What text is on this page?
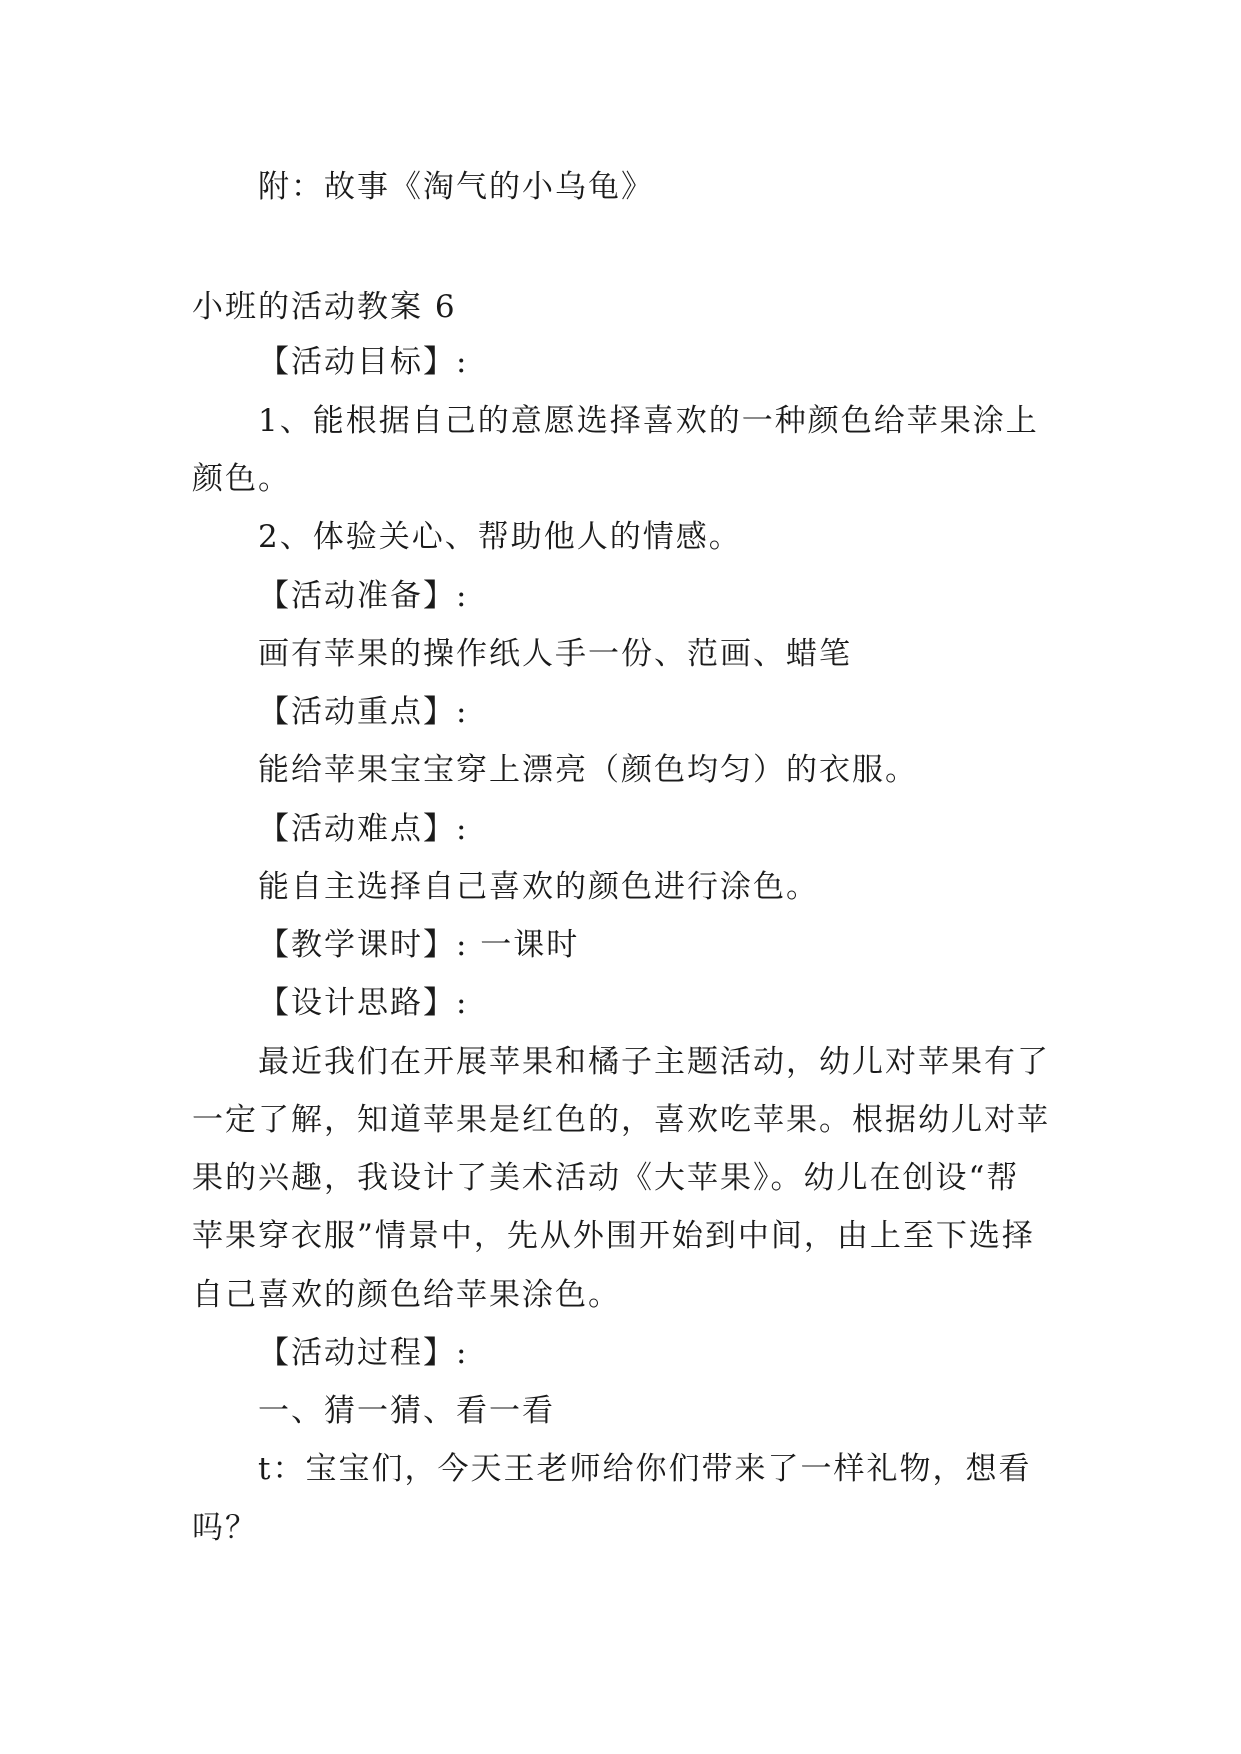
附：故事《淘气的小乌龟》
小班的活动教案 6
【活动目标】:
1、能根据自己的意愿选择喜欢的一种颜色给苹果涂上
颜色。
2、体验关心、帮助他人的情感。
【活动准备】:
画有苹果的操作纸人手一份、范画、蜡笔
【活动重点】:
能给苹果宝宝穿上漂亮（颜色均匀）的衣服。
【活动难点】:
能自主选择自己喜欢的颜色进行涂色。
【教学课时】: 一课时
【设计思路】:
最近我们在开展苹果和橘子主题活动，幼儿对苹果有了
一定了解，知道苹果是红色的，喜欢吃苹果。根据幼儿对苹
果的兴趣，我设计了美术活动《大苹果》。幼儿在创设“帮
苹果穿衣服”情景中，先从外围开始到中间，由上至下选择
自己喜欢的颜色给苹果涂色。
【活动过程】:
一、猜一猜、看一看
t：宝宝们，今天王老师给你们带来了一样礼物，想看
吗？
